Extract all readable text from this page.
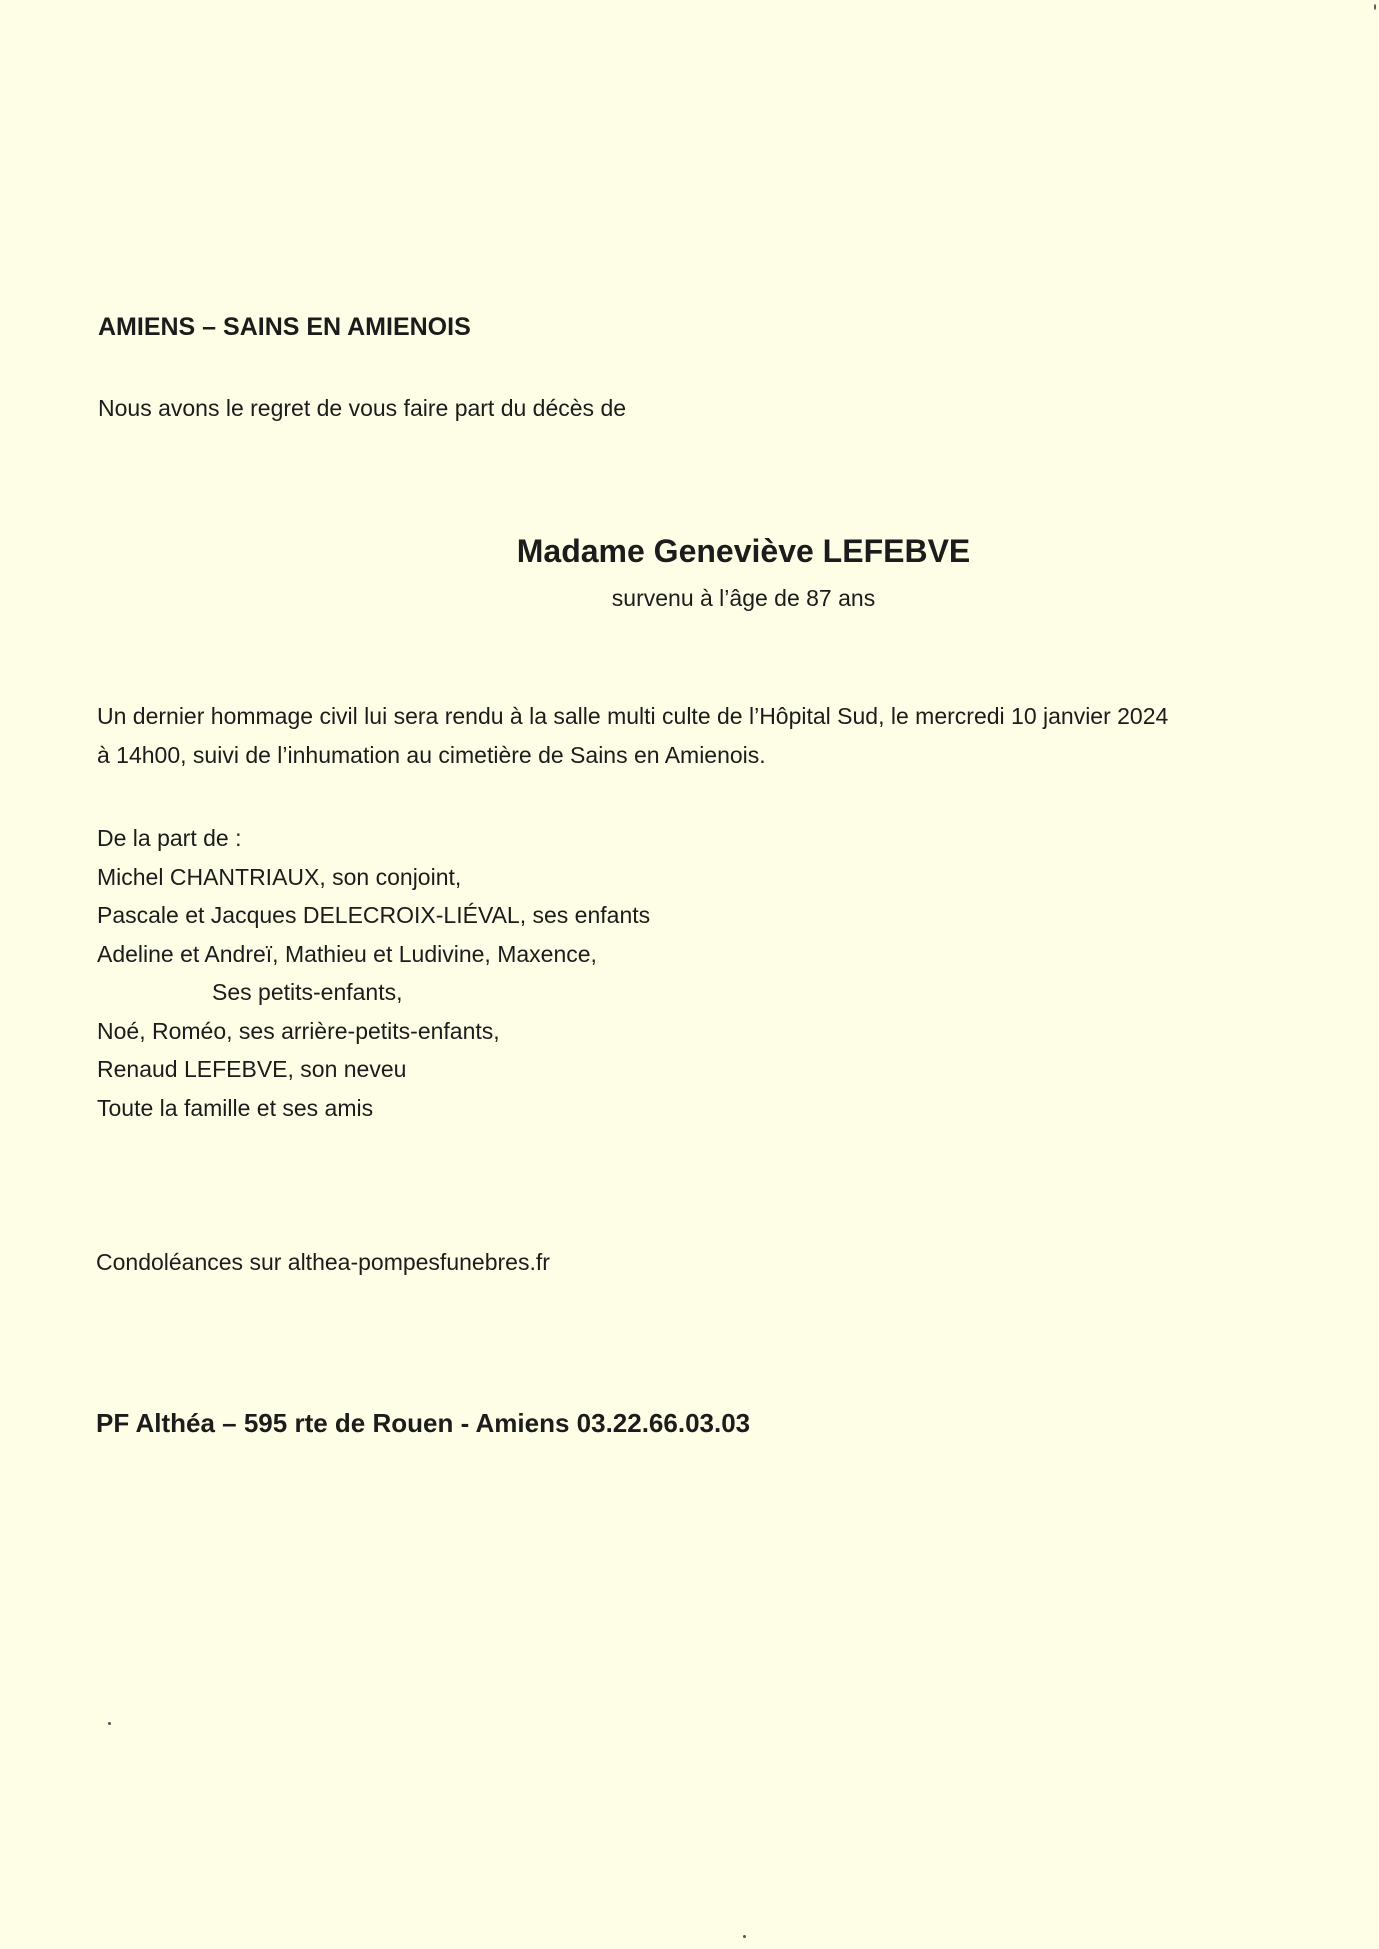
AMIENS – SAINS EN AMIENOIS
Nous avons le regret de vous faire part du décès de
Madame Geneviève LEFEBVE
survenu à l’âge de 87 ans
Un dernier hommage civil lui sera rendu à la salle multi culte de l’Hôpital Sud, le mercredi 10 janvier 2024
à 14h00, suivi de l’inhumation au cimetière de Sains en Amienois.
De la part de :
Michel CHANTRIAUX, son conjoint,
Pascale et Jacques DELECROIX-LIÉVAL, ses enfants
Adeline et Andreï, Mathieu et Ludivine, Maxence,
Ses petits-enfants,
Noé, Roméo, ses arrière-petits-enfants,
Renaud LEFEBVE, son neveu
Toute la famille et ses amis
Condoléances sur althea-pompesfunebres.fr
PF Althéa – 595 rte de Rouen - Amiens 03.22.66.03.03
